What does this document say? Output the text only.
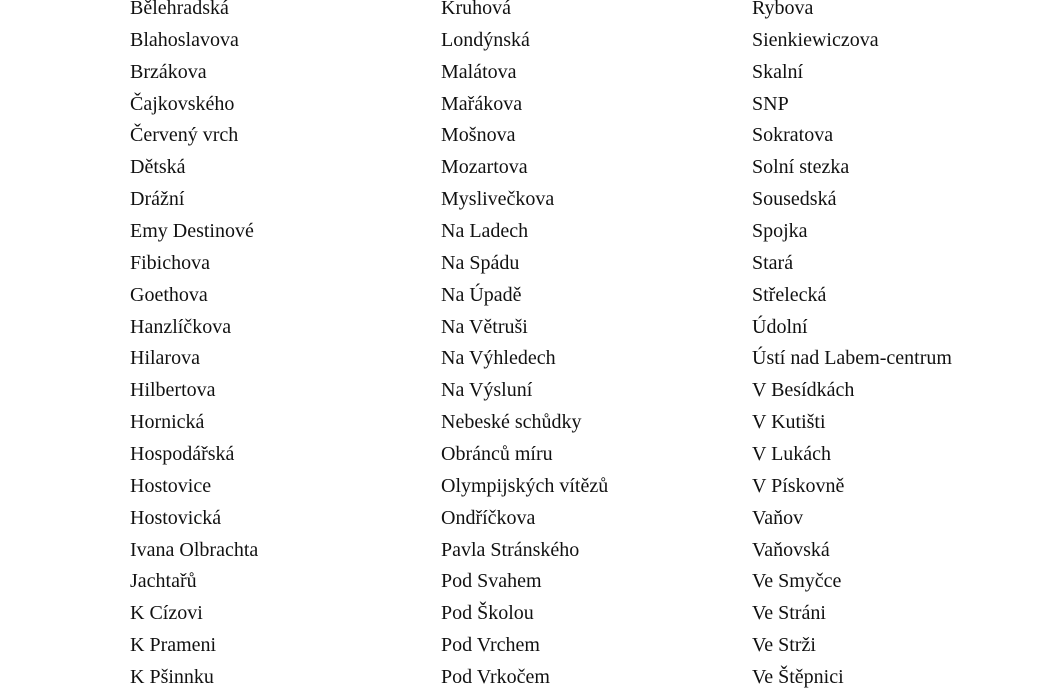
Bělehradská
Blahoslavova
Brzákova
Čajkovského
Červený vrch
Dětská
Drážní
Emy Destinové
Fibichova
Goethova
Hanzlíčkova
Hilarova
Hilbertova
Hornická
Hospodářská
Hostovice
Hostovická
Ivana Olbrachta
Jachtařů
K Cízovi
K Prameni
K Pšinnku
Kruhová
Londýnská
Malátova
Mařákova
Mošnova
Mozartova
Myslivečkova
Na Ladech
Na Spádu
Na Úpadě
Na Větruši
Na Výhledech
Na Výsluní
Nebeské schůdky
Obránců míru
Olympijských vítězů
Ondříčkova
Pavla Stránského
Pod Svahem
Pod Školou
Pod Vrchem
Pod Vrkočem
Rybova
Sienkiewiczova
Skalní
SNP
Sokratova
Solní stezka
Sousedská
Spojka
Stará
Střelecká
Údolní
Ústí nad Labem-centrum
V Besídkách
V Kutišti
V Lukách
V Pískovně
Vaňov
Vaňovská
Ve Smyčce
Ve Stráni
Ve Strži
Ve Štěpnici
